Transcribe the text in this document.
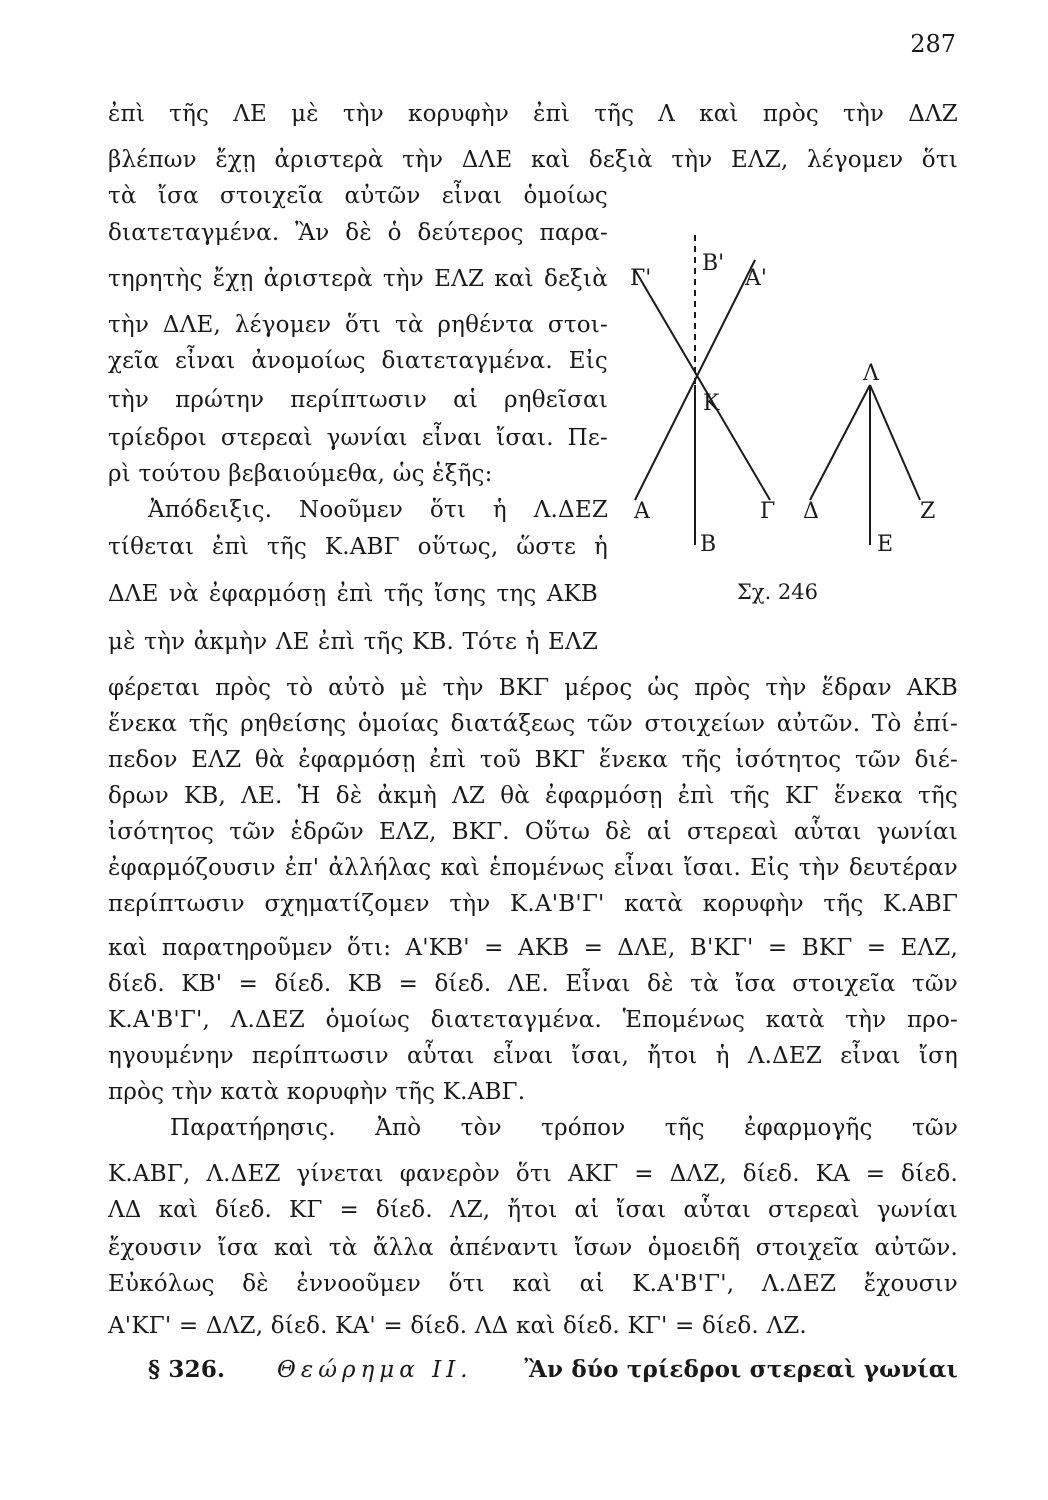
287
ἐπὶ τῆς ΛΕ μὲ τὴν κορυφὴν ἐπὶ τῆς Λ καὶ πρὸς τὴν ΔΛΖ
βλέπων ἔχῃ ἀριστερὰ τὴν ΔΛΕ καὶ δεξιὰ τὴν ΕΛΖ, λέγομεν ὅτι
τὰ ἴσα στοιχεῖα αὐτῶν εἶναι ὁμοίως
διατεταγμένα. Ἂν δὲ ὁ δεύτερος παρα-
τηρητὴς ἔχῃ ἀριστερὰ τὴν ΕΛΖ καὶ δεξιὰ
τὴν ΔΛΕ, λέγομεν ὅτι τὰ ρηθέντα στοι-
χεῖα εἶναι ἀνομοίως διατεταγμένα. Εἰς
τὴν πρώτην περίπτωσιν αἱ ρηθεῖσαι
τρίεδροι στερεαὶ γωνίαι εἶναι ἴσαι. Πε-
ρὶ τούτου βεβαιούμεθα, ὡς ἑξῆς:
Ἀπόδειξις. Νοοῦμεν ὅτι ἡ Λ.ΔΕΖ
τίθεται ἐπὶ τῆς Κ.ΑΒΓ οὕτως, ὥστε ἡ
ΔΛΕ νὰ ἐφαρμόσῃ ἐπὶ τῆς ἴσης της ΑΚΒ
μὲ τὴν ἀκμὴν ΛΕ ἐπὶ τῆς ΚΒ. Τότε ἡ ΕΛΖ
φέρεται πρὸς τὸ αὐτὸ μὲ τὴν ΒΚΓ μέρος ὡς πρὸς τὴν ἕδραν ΑΚΒ
ἕνεκα τῆς ρηθείσης ὁμοίας διατάξεως τῶν στοιχείων αὐτῶν. Τὸ ἐπί-
πεδον ΕΛΖ θὰ ἐφαρμόσῃ ἐπὶ τοῦ ΒΚΓ ἕνεκα τῆς ἰσότητος τῶν διέ-
δρων ΚΒ, ΛΕ. Ἡ δὲ ἀκμὴ ΛΖ θὰ ἐφαρμόσῃ ἐπὶ τῆς ΚΓ ἕνεκα τῆς
ἰσότητος τῶν ἑδρῶν ΕΛΖ, ΒΚΓ. Οὕτω δὲ αἱ στερεαὶ αὗται γωνίαι
ἐφαρμόζουσιν ἐπ' ἀλλήλας καὶ ἑπομένως εἶναι ἴσαι. Εἰς τὴν δευτέραν
περίπτωσιν σχηματίζομεν τὴν Κ.Α'Β'Γ' κατὰ κορυφὴν τῆς Κ.ΑΒΓ
καὶ παρατηροῦμεν ὅτι: Α'ΚΒ' = ΑΚΒ = ΔΛΕ, Β'ΚΓ' = ΒΚΓ = ΕΛΖ,
δίεδ. ΚΒ' = δίεδ. ΚΒ = δίεδ. ΛΕ. Εἶναι δὲ τὰ ἴσα στοιχεῖα τῶν
Κ.Α'Β'Γ', Λ.ΔΕΖ ὁμοίως διατεταγμένα. Ἑπομένως κατὰ τὴν προ-
ηγουμένην περίπτωσιν αὗται εἶναι ἴσαι, ἤτοι ἡ Λ.ΔΕΖ εἶναι ἴση
πρὸς τὴν κατὰ κορυφὴν τῆς Κ.ΑΒΓ.
Παρατήρησις. Ἀπὸ τὸν τρόπον τῆς ἐφαρμογῆς τῶν
Κ.ΑΒΓ, Λ.ΔΕΖ γίνεται φανερὸν ὅτι ΑΚΓ = ΔΛΖ, δίεδ. ΚΑ = δίεδ.
ΛΔ καὶ δίεδ. ΚΓ = δίεδ. ΛΖ, ἤτοι αἱ ἴσαι αὗται στερεαὶ γωνίαι
ἔχουσιν ἴσα καὶ τὰ ἄλλα ἀπέναντι ἴσων ὁμοειδῆ στοιχεῖα αὐτῶν.
Εὐκόλως δὲ ἐννοοῦμεν ὅτι καὶ αἱ Κ.Α'Β'Γ', Λ.ΔΕΖ ἔχουσιν
Α'ΚΓ' = ΔΛΖ, δίεδ. ΚΑ' = δίεδ. ΛΔ καὶ δίεδ. ΚΓ' = δίεδ. ΛΖ.
§ 326. Θεώρημα ΙΙ. Ἂν δύο τρίεδροι στερεαὶ γωνίαι
Β'
Γ'	Α'
Κ
Λ
Α
Β
Γ Δ	Ζ
Ε
Σχ. 246
